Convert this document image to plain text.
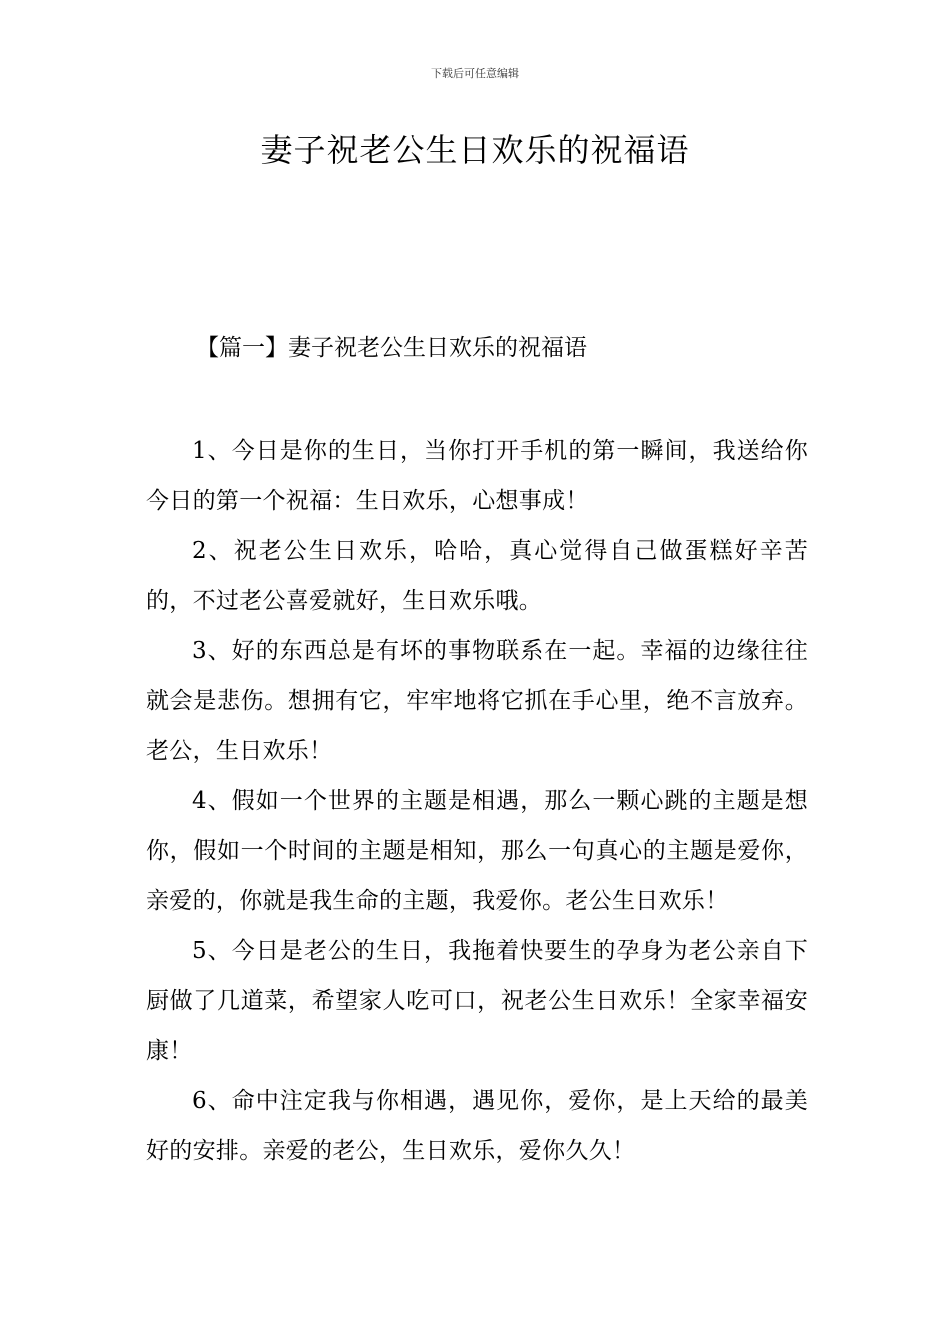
下载后可任意编辑
妻子祝老公生日欢乐的祝福语
【篇一】妻子祝老公生日欢乐的祝福语

1、今日是你的生日，当你打开手机的第一瞬间，我送给你今日的第一个祝福：生日欢乐，心想事成！

2、祝老公生日欢乐，哈哈，真心觉得自己做蛋糕好辛苦的，不过老公喜爱就好，生日欢乐哦。

3、好的东西总是有坏的事物联系在一起。幸福的边缘往往就会是悲伤。想拥有它，牢牢地将它抓在手心里，绝不言放弃。老公，生日欢乐！

4、假如一个世界的主题是相遇，那么一颗心跳的主题是想你，假如一个时间的主题是相知，那么一句真心的主题是爱你，亲爱的，你就是我生命的主题，我爱你。老公生日欢乐！

5、今日是老公的生日，我拖着快要生的孕身为老公亲自下厨做了几道菜，希望家人吃可口，祝老公生日欢乐！全家幸福安康！

6、命中注定我与你相遇，遇见你，爱你，是上天给的最美好的安排。亲爱的老公，生日欢乐，爱你久久！
